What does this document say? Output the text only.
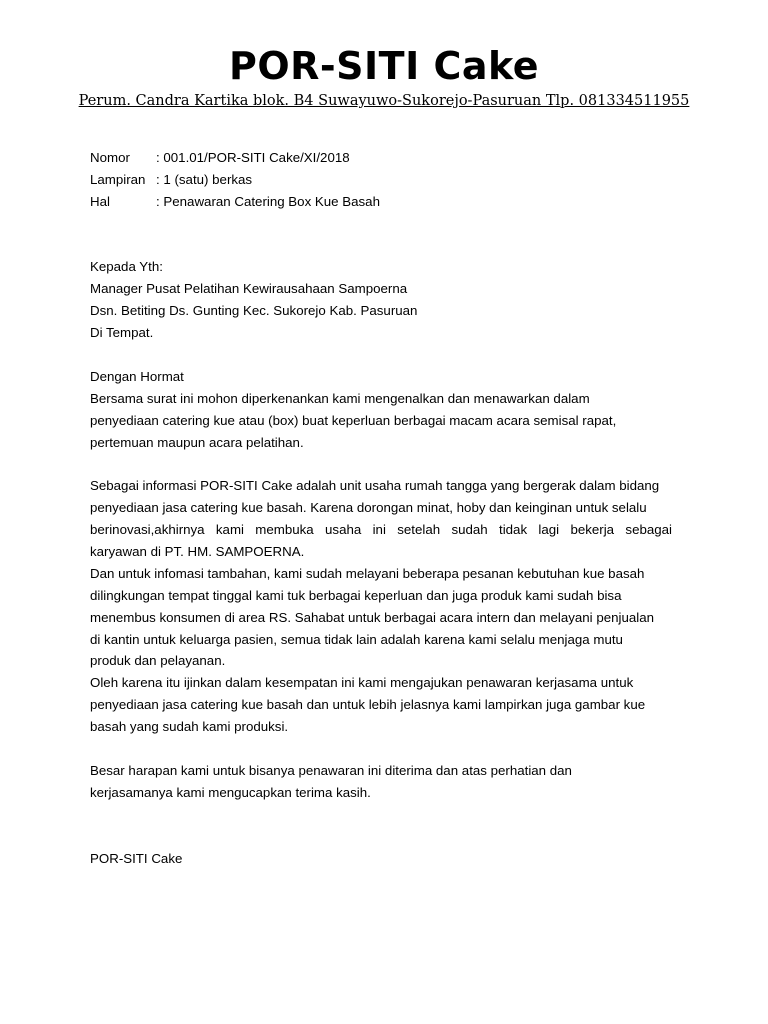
POR-SITI Cake
Perum. Candra Kartika blok. B4 Suwayuwo-Sukorejo-Pasuruan Tlp. 081334511955
Nomor : 001.01/POR-SITI Cake/XI/2018
Lampiran : 1 (satu) berkas
Hal	: Penawaran Catering Box Kue Basah
Kepada Yth:
Manager Pusat Pelatihan Kewirausahaan Sampoerna
Dsn. Betiting Ds. Gunting Kec. Sukorejo Kab. Pasuruan
Di Tempat.
Dengan Hormat
Bersama surat ini mohon diperkenankan kami mengenalkan dan menawarkan dalam
penyediaan catering kue atau (box) buat keperluan berbagai macam acara semisal rapat,
pertemuan maupun acara pelatihan.
Sebagai informasi POR-SITI Cake adalah unit usaha rumah tangga yang bergerak dalam bidang
penyediaan jasa catering kue basah. Karena dorongan minat, hoby dan keinginan untuk selalu
berinovasi,akhirnya kami membuka usaha ini setelah sudah tidak lagi bekerja sebagai
karyawan di PT. HM. SAMPOERNA.
Dan untuk infomasi tambahan, kami sudah melayani beberapa pesanan kebutuhan kue basah
dilingkungan tempat tinggal kami tuk berbagai keperluan dan juga produk kami sudah bisa
menembus konsumen di area RS. Sahabat untuk berbagai acara intern dan melayani penjualan
di kantin untuk keluarga pasien, semua tidak lain adalah karena kami selalu menjaga mutu
produk dan pelayanan.
Oleh karena itu ijinkan dalam kesempatan ini kami mengajukan penawaran kerjasama untuk
penyediaan jasa catering kue basah dan untuk lebih jelasnya kami lampirkan juga gambar kue
basah yang sudah kami produksi.
Besar harapan kami untuk bisanya penawaran ini diterima dan atas perhatian dan
kerjasamanya kami mengucapkan terima kasih.
POR-SITI Cake
